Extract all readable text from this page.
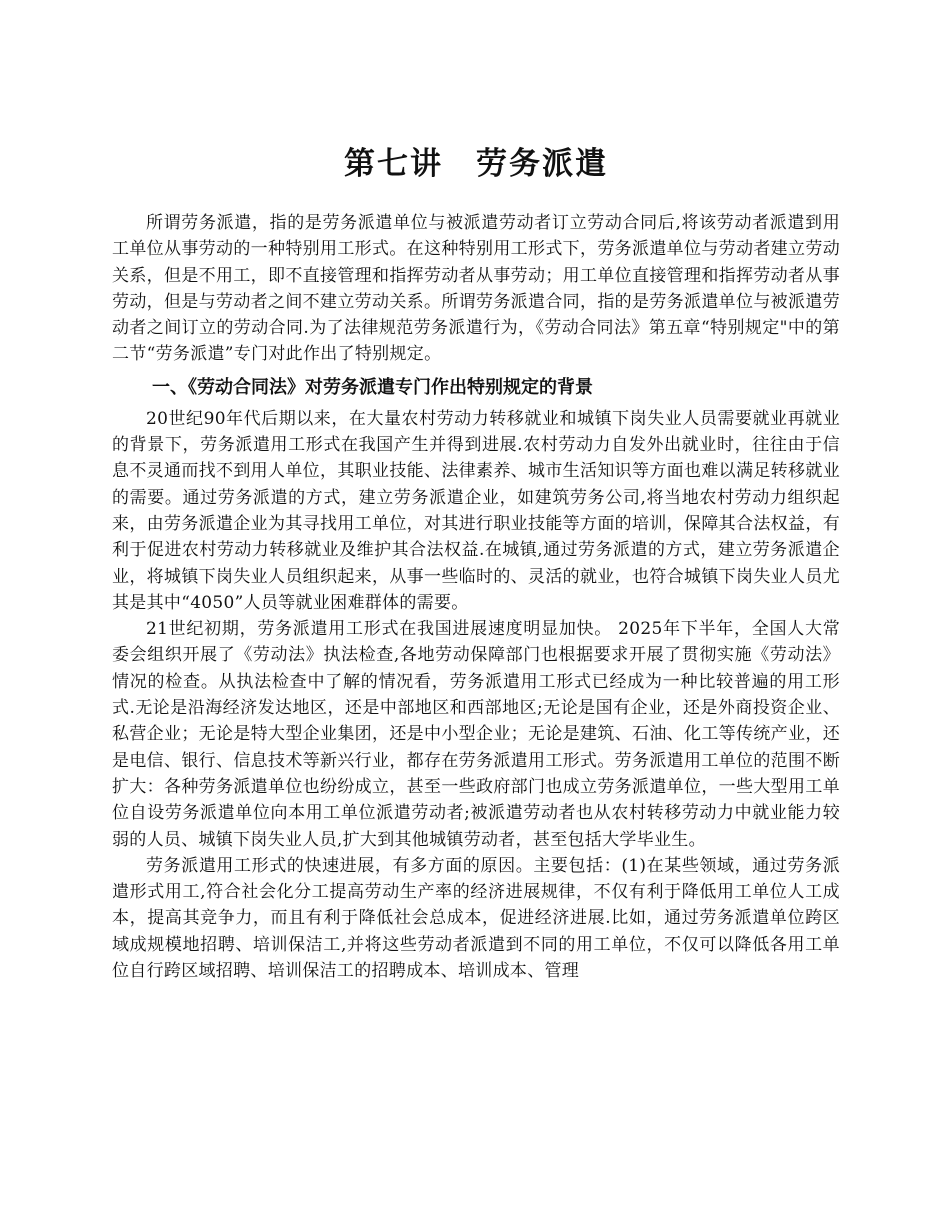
第七讲　劳务派遣

所谓劳务派遣，指的是劳务派遣单位与被派遣劳动者订立劳动合同后,将该劳动者派遣到用工单位从事劳动的一种特别用工形式。在这种特别用工形式下，劳务派遣单位与劳动者建立劳动关系，但是不用工，即不直接管理和指挥劳动者从事劳动；用工单位直接管理和指挥劳动者从事劳动，但是与劳动者之间不建立劳动关系。所谓劳务派遣合同，指的是劳务派遣单位与被派遣劳动者之间订立的劳动合同.为了法律规范劳务派遣行为，《劳动合同法》第五章“特别规定"中的第二节“劳务派遣”专门对此作出了特别规定。

一、《劳动合同法》对劳务派遣专门作出特别规定的背景

20世纪90年代后期以来，在大量农村劳动力转移就业和城镇下岗失业人员需要就业再就业的背景下，劳务派遣用工形式在我国产生并得到进展.农村劳动力自发外出就业时，往往由于信息不灵通而找不到用人单位，其职业技能、法律素养、城市生活知识等方面也难以满足转移就业的需要。通过劳务派遣的方式，建立劳务派遣企业，如建筑劳务公司,将当地农村劳动力组织起来，由劳务派遣企业为其寻找用工单位，对其进行职业技能等方面的培训，保障其合法权益，有利于促进农村劳动力转移就业及维护其合法权益.在城镇,通过劳务派遣的方式，建立劳务派遣企业，将城镇下岗失业人员组织起来，从事一些临时的、灵活的就业，也符合城镇下岗失业人员尤其是其中“4050”人员等就业困难群体的需要。

21世纪初期，劳务派遣用工形式在我国进展速度明显加快。 2025年下半年，全国人大常委会组织开展了《劳动法》执法检查,各地劳动保障部门也根据要求开展了贯彻实施《劳动法》情况的检查。从执法检查中了解的情况看，劳务派遣用工形式已经成为一种比较普遍的用工形式.无论是沿海经济发达地区，还是中部地区和西部地区;无论是国有企业，还是外商投资企业、私营企业；无论是特大型企业集团，还是中小型企业；无论是建筑、石油、化工等传统产业，还是电信、银行、信息技术等新兴行业，都存在劳务派遣用工形式。劳务派遣用工单位的范围不断扩大：各种劳务派遣单位也纷纷成立，甚至一些政府部门也成立劳务派遣单位，一些大型用工单位自设劳务派遣单位向本用工单位派遣劳动者;被派遣劳动者也从农村转移劳动力中就业能力较弱的人员、城镇下岗失业人员,扩大到其他城镇劳动者，甚至包括大学毕业生。

劳务派遣用工形式的快速进展，有多方面的原因。主要包括：(1)在某些领域，通过劳务派遣形式用工,符合社会化分工提高劳动生产率的经济进展规律，不仅有利于降低用工单位人工成本，提高其竞争力，而且有利于降低社会总成本，促进经济进展.比如，通过劳务派遣单位跨区域成规模地招聘、培训保洁工,并将这些劳动者派遣到不同的用工单位，不仅可以降低各用工单位自行跨区域招聘、培训保洁工的招聘成本、培训成本、管理
